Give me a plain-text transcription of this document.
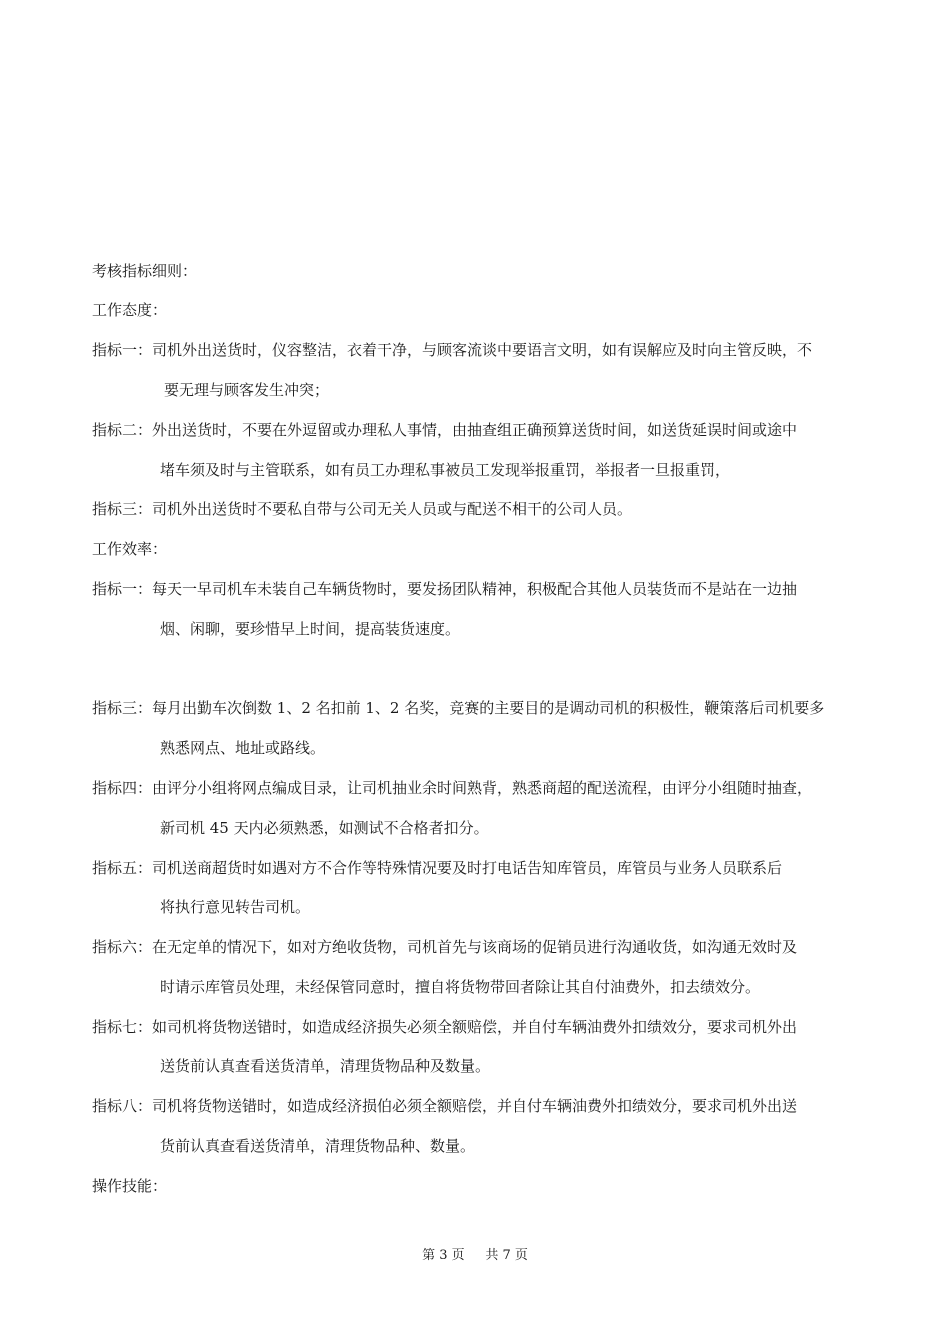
考核指标细则：
工作态度：
指标一：司机外出送货时，仪容整洁，衣着干净，与顾客流谈中要语言文明，如有误解应及时向主管反映，不
要无理与顾客发生冲突；
指标二：外出送货时，不要在外逗留或办理私人事情，由抽查组正确预算送货时间，如送货延误时间或途中
堵车须及时与主管联系，如有员工办理私事被员工发现举报重罚，举报者一旦报重罚，
指标三：司机外出送货时不要私自带与公司无关人员或与配送不相干的公司人员。
工作效率：
指标一：每天一早司机车未装自己车辆货物时，要发扬团队精神，积极配合其他人员装货而不是站在一边抽
烟、闲聊，要珍惜早上时间，提高装货速度。
指标三：每月出勤车次倒数 1、2 名扣前 1、2 名奖，竞赛的主要目的是调动司机的积极性，鞭策落后司机要多
熟悉网点、地址或路线。
指标四：由评分小组将网点编成目录，让司机抽业余时间熟背，熟悉商超的配送流程，由评分小组随时抽查，
新司机 45 天内必须熟悉，如测试不合格者扣分。
指标五：司机送商超货时如遇对方不合作等特殊情况要及时打电话告知库管员，库管员与业务人员联系后
将执行意见转告司机。
指标六：在无定单的情况下，如对方绝收货物，司机首先与该商场的促销员进行沟通收货，如沟通无效时及
时请示库管员处理，未经保管同意时，擅自将货物带回者除让其自付油费外，扣去绩效分。
指标七：如司机将货物送错时，如造成经济损失必须全额赔偿，并自付车辆油费外扣绩效分，要求司机外出
送货前认真查看送货清单，清理货物品种及数量。
指标八：司机将货物送错时，如造成经济损伯必须全额赔偿，并自付车辆油费外扣绩效分，要求司机外出送
货前认真查看送货清单，清理货物品种、数量。
操作技能：
第 3 页     共 7 页
